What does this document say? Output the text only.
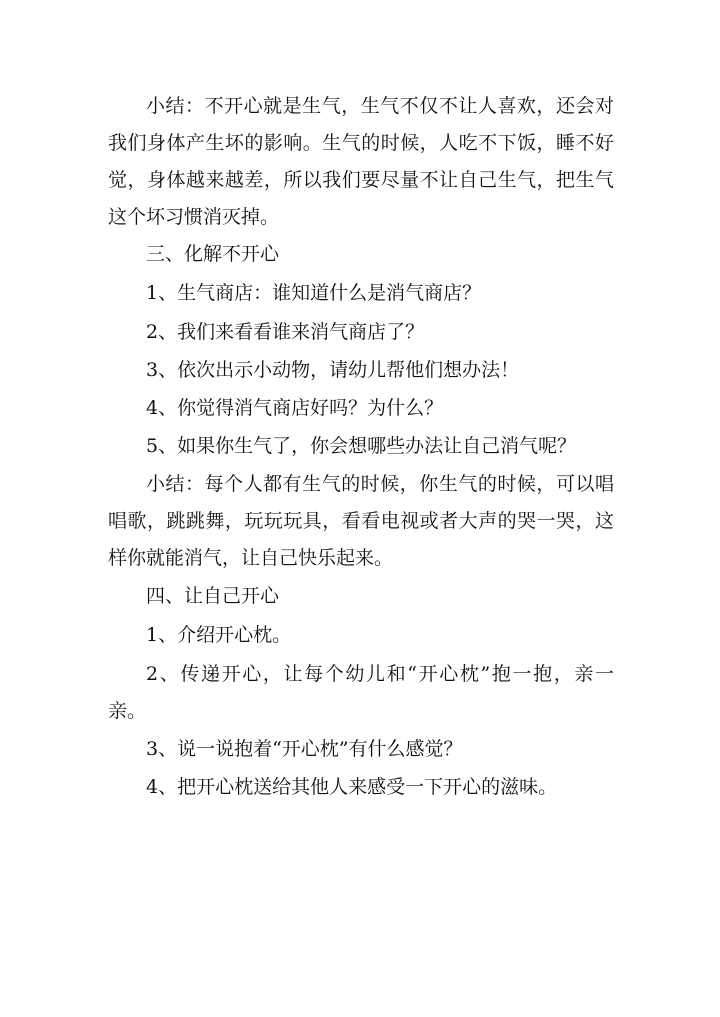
小结：不开心就是生气，生气不仅不让人喜欢，还会对
我们身体产生坏的影响。生气的时候，人吃不下饭，睡不好
觉，身体越来越差，所以我们要尽量不让自己生气，把生气
这个坏习惯消灭掉。
三、化解不开心
1、生气商店：谁知道什么是消气商店？
2、我们来看看谁来消气商店了？
3、依次出示小动物，请幼儿帮他们想办法！
4、你觉得消气商店好吗？为什么？
5、如果你生气了，你会想哪些办法让自己消气呢？
小结：每个人都有生气的时候，你生气的时候，可以唱
唱歌，跳跳舞，玩玩玩具，看看电视或者大声的哭一哭，这
样你就能消气，让自己快乐起来。
四、让自己开心
1、介绍开心枕。
2、传递开心，让每个幼儿和“开心枕”抱一抱，亲一
亲。
3、说一说抱着“开心枕”有什么感觉？
4、把开心枕送给其他人来感受一下开心的滋味。
